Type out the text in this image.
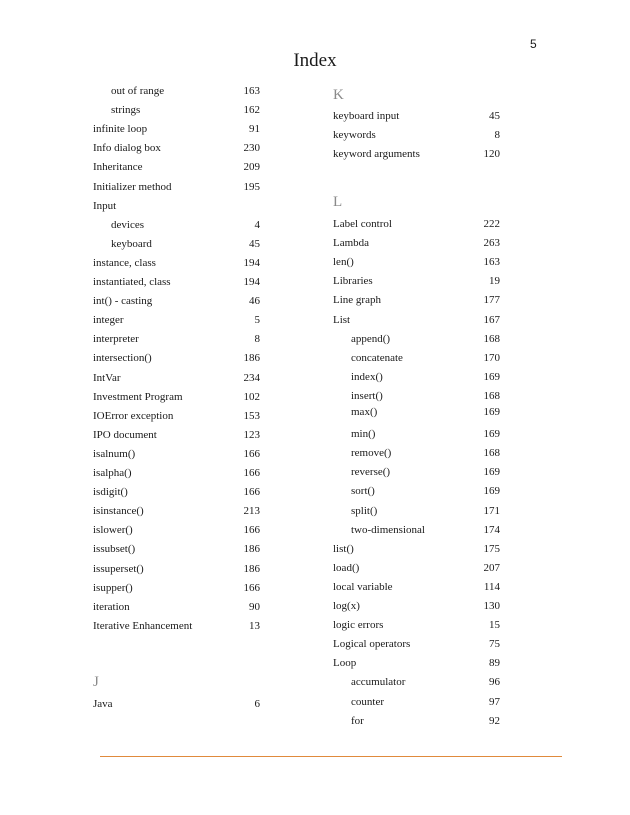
5
Index
out of range	163
strings	162
infinite loop	91
Info dialog box	230
Inheritance	209
Initializer method	195
Input
devices	4
keyboard	45
instance, class	194
instantiated, class	194
int() - casting	46
integer	5
interpreter	8
intersection()	186
IntVar	234
Investment Program	102
IOError exception	153
IPO document	123
isalnum()	166
isalpha()	166
isdigit()	166
isinstance()	213
islower()	166
issubset()	186
issuperset()	186
isupper()	166
iteration	90
Iterative Enhancement	13
J
Java	6
K
keyboard input	45
keywords	8
keyword arguments	120
L
Label control	222
Lambda	263
len()	163
Libraries	19
Line graph	177
List	167
append()	168
concatenate	170
index()	169
insert()	168
max()	169
min()	169
remove()	168
reverse()	169
sort()	169
split()	171
two-dimensional	174
list()	175
load()	207
local variable	114
log(x)	130
logic errors	15
Logical operators	75
Loop	89
accumulator	96
counter	97
for	92
